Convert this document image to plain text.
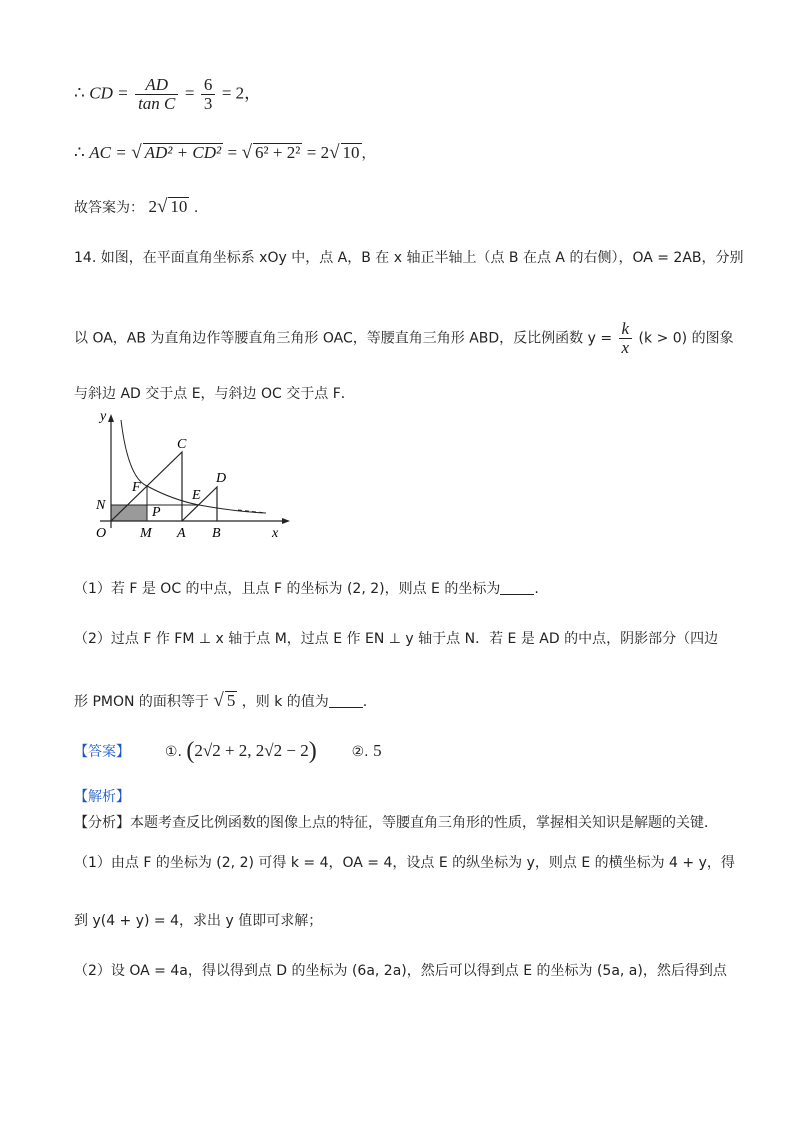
∴ CD = $\frac{AD}{\text{tan C}} = \frac{6}{3} = 2$，
∴ AC = √ AD² + CD² = √ 6² + 2² = 2√ 10 ，
故答案为： 2√ 10 .
14. 如图，在平面直角坐标系 xOy 中，点 A，B 在 x 轴正半轴上（点 B 在点 A 的右侧），OA = 2AB，分别
以 OA，AB 为直角边作等腰直角三角形 OAC，等腰直角三角形 ABD，反比例函数 $y = \frac{k}{x} (k > 0)$ 的图象
与斜边 AD 交于点 E，与斜边 OC 交于点 F．
y
x
O M A B
N	P
F
C
E
D
（1）若 F 是 OC 的中点，且点 F 的坐标为 (2, 2)，则点 E 的坐标为 .
（2）过点 F 作 FM ⊥ x 轴于点 M，过点 E 作 EN ⊥ y 轴于点 N．若 E 是 AD 的中点，阴影部分（四边
形 PMON 的面积等于 √ 5 ，则 k 的值为 .
【答案】 ①. (2√2 + 2, 2√2 − 2) ②. 5
【解析】
【分析】本题考查反比例函数的图像上点的特征，等腰直角三角形的性质，掌握相关知识是解题的关键．
（1）由点 F 的坐标为 (2, 2) 可得 k = 4，OA = 4，设点 E 的纵坐标为 y，则点 E 的横坐标为 4 + y，得
到 y(4 + y) = 4，求出 y 值即可求解；
（2）设 OA = 4a，得以得到点 D 的坐标为 (6a, 2a)，然后可以得到点 E 的坐标为 (5a, a)，然后得到点
